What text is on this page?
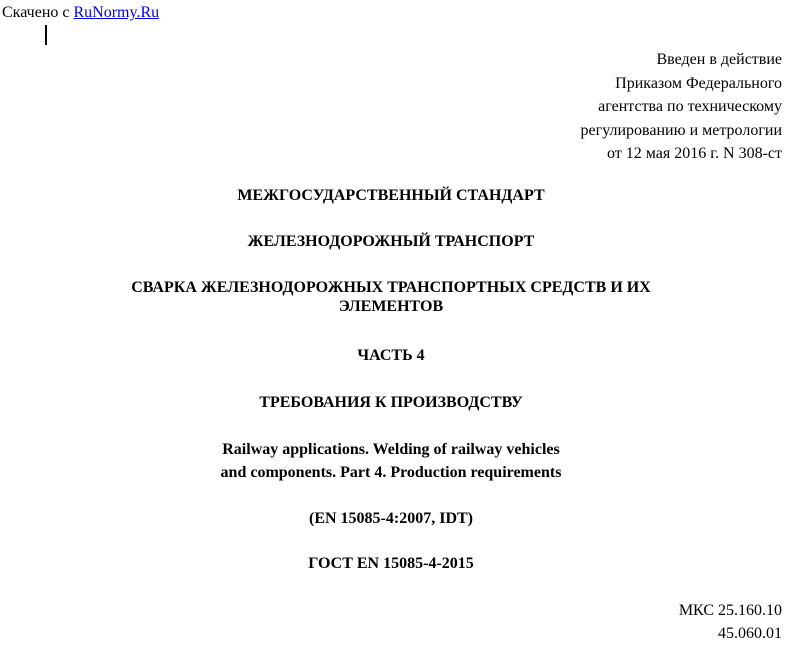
Скачено с RuNormy.Ru
Введен в действие
Приказом Федерального
агентства по техническому
регулированию и метрологии
от 12 мая 2016 г. N 308-ст
МЕЖГОСУДАРСТВЕННЫЙ СТАНДАРТ
ЖЕЛЕЗНОДОРОЖНЫЙ ТРАНСПОРТ
СВАРКА ЖЕЛЕЗНОДОРОЖНЫХ ТРАНСПОРТНЫХ СРЕДСТВ И ИХ
ЭЛЕМЕНТОВ
ЧАСТЬ 4
ТРЕБОВАНИЯ К ПРОИЗВОДСТВУ
Railway applications. Welding of railway vehicles
and components. Part 4. Production requirements
(EN 15085-4:2007, IDT)
ГОСТ EN 15085-4-2015
МКС 25.160.10
45.060.01
